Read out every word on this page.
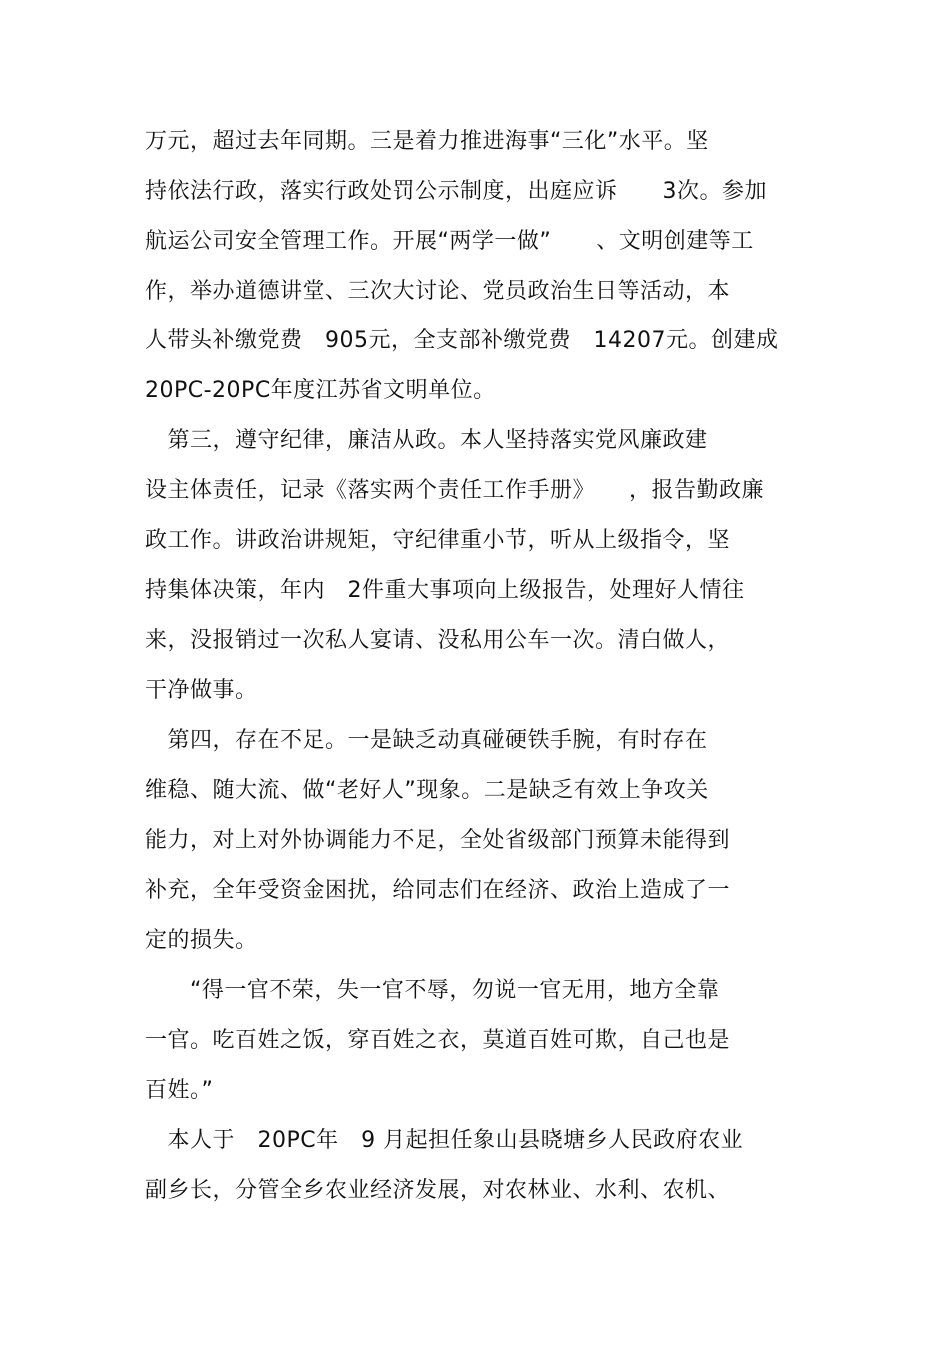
万元，超过去年同期。三是着力推进海事“三化”水平。坚
持依法行政，落实行政处罚公示制度，出庭应诉　　3次。参加
航运公司安全管理工作。开展“两学一做”　　、文明创建等工
作，举办道德讲堂、三次大讨论、党员政治生日等活动，本
人带头补缴党费　905元，全支部补缴党费　14207元。创建成
20PC-20PC年度江苏省文明单位。
　第三，遵守纪律，廉洁从政。本人坚持落实党风廉政建
设主体责任，记录《落实两个责任工作手册》　　，报告勤政廉
政工作。讲政治讲规矩，守纪律重小节，听从上级指令，坚
持集体决策，年内　2件重大事项向上级报告，处理好人情往
来，没报销过一次私人宴请、没私用公车一次。清白做人，
干净做事。
　第四，存在不足。一是缺乏动真碰硬铁手腕，有时存在
维稳、随大流、做“老好人”现象。二是缺乏有效上争攻关
能力，对上对外协调能力不足，全处省级部门预算未能得到
补充，全年受资金困扰，给同志们在经济、政治上造成了一
定的损失。
　　“得一官不荣，失一官不辱，勿说一官无用，地方全靠
一官。吃百姓之饭，穿百姓之衣，莫道百姓可欺，自己也是
百姓。”
　本人于　20PC年　9 月起担任象山县晓塘乡人民政府农业
副乡长，分管全乡农业经济发展，对农林业、水利、农机、
